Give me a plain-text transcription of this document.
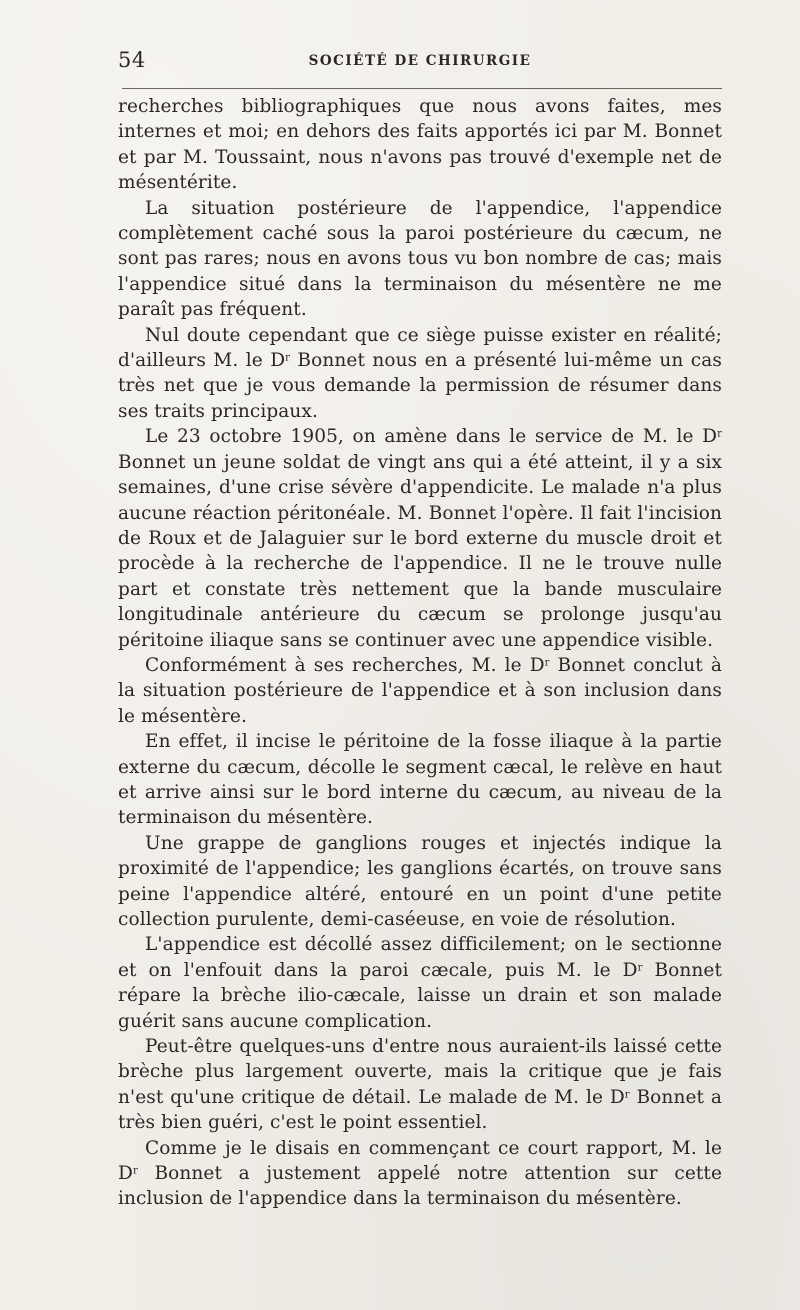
54	SOCIÉTÉ DE CHIRURGIE

recherches bibliographiques que nous avons faites, mes internes et moi; en dehors des faits apportés ici par M. Bonnet et par M. Toussaint, nous n'avons pas trouvé d'exemple net de mésentérite.

La situation postérieure de l'appendice, l'appendice complètement caché sous la paroi postérieure du cæcum, ne sont pas rares; nous en avons tous vu bon nombre de cas; mais l'appendice situé dans la terminaison du mésentère ne me paraît pas fréquent.

Nul doute cependant que ce siège puisse exister en réalité; d'ailleurs M. le $D^r$ Bonnet nous en a présenté lui-même un cas très net que je vous demande la permission de résumer dans ses traits principaux.

Le 23 octobre 1905, on amène dans le service de M. le $D^r$ Bonnet un jeune soldat de vingt ans qui a été atteint, il y a six semaines, d'une crise sévère d'appendicite. Le malade n'a plus aucune réaction péritonéale. M. Bonnet l'opère. Il fait l'incision de Roux et de Jalaguier sur le bord externe du muscle droit et procède à la recherche de l'appendice. Il ne le trouve nulle part et constate très nettement que la bande musculaire longitudinale antérieure du cæcum se prolonge jusqu'au péritoine iliaque sans se continuer avec une appendice visible.

Conformément à ses recherches, M. le $D^r$ Bonnet conclut à la situation postérieure de l'appendice et à son inclusion dans le mésentère.

En effet, il incise le péritoine de la fosse iliaque à la partie externe du cæcum, décolle le segment cæcal, le relève en haut et arrive ainsi sur le bord interne du cæcum, au niveau de la terminaison du mésentère.

Une grappe de ganglions rouges et injectés indique la proximité de l'appendice; les ganglions écartés, on trouve sans peine l'appendice altéré, entouré en un point d'une petite collection purulente, demi-caséeuse, en voie de résolution.

L'appendice est décollé assez difficilement; on le sectionne et on l'enfouit dans la paroi cæcale, puis M. le $D^r$ Bonnet répare la brèche ilio-cæcale, laisse un drain et son malade guérit sans aucune complication.

Peut-être quelques-uns d'entre nous auraient-ils laissé cette brèche plus largement ouverte, mais la critique que je fais n'est qu'une critique de détail. Le malade de M. le $D^r$ Bonnet a très bien guéri, c'est le point essentiel.

Comme je le disais en commençant ce court rapport, M. le $D^r$ Bonnet a justement appelé notre attention sur cette inclusion de l'appendice dans la terminaison du mésentère.
